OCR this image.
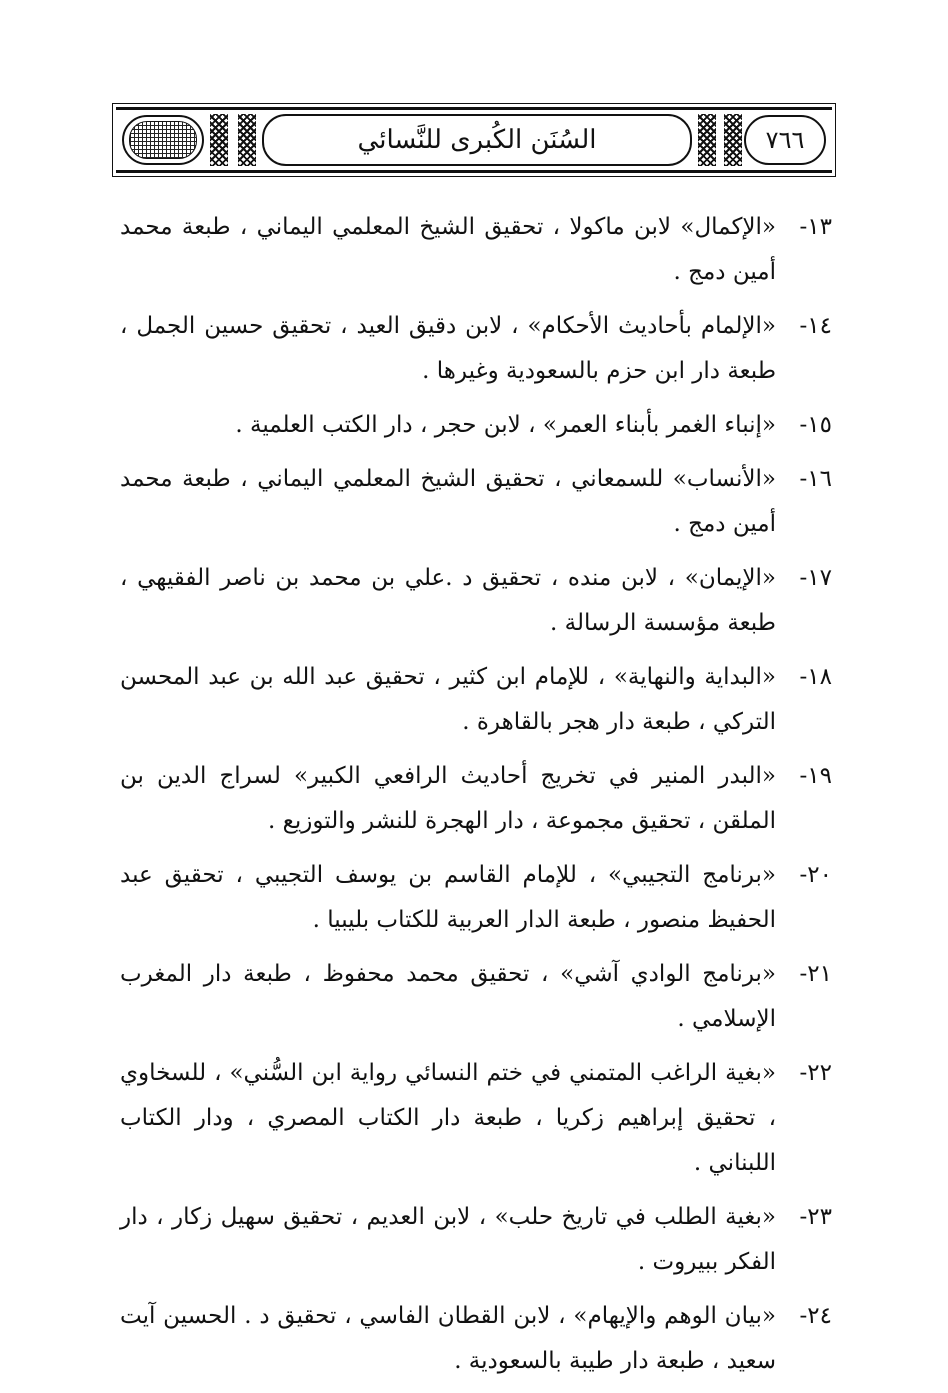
السُنَن الكُبرى للنَّسائي	٧٦٦
١٣-
«الإكمال» لابن ماكولا ، تحقيق الشيخ المعلمي اليماني ، طبعة محمد أمين دمج .
١٤-
«الإلمام بأحاديث الأحكام» ، لابن دقيق العيد ، تحقيق حسين الجمل ، طبعة دار ابن حزم بالسعودية وغيرها .
١٥-
«إنباء الغمر بأبناء العمر» ، لابن حجر ، دار الكتب العلمية .
١٦-
«الأنساب» للسمعاني ، تحقيق الشيخ المعلمي اليماني ، طبعة محمد أمين دمج .
١٧-
«الإيمان» ، لابن منده ، تحقيق د .علي بن محمد بن ناصر الفقيهي ، طبعة مؤسسة الرسالة .
١٨-
«البداية والنهاية» ، للإمام ابن كثير ، تحقيق عبد الله بن عبد المحسن التركي ، طبعة دار هجر بالقاهرة .
١٩-
«البدر المنير في تخريج أحاديث الرافعي الكبير» لسراج الدين بن الملقن ، تحقيق مجموعة ، دار الهجرة للنشر والتوزيع .
٢٠-
«برنامج التجيبي» ، للإمام القاسم بن يوسف التجيبي ، تحقيق عبد الحفيظ منصور ، طبعة الدار العربية للكتاب بليبيا .
٢١-
«برنامج الوادي آشي» ، تحقيق محمد محفوظ ، طبعة دار المغرب الإسلامي .
٢٢-
«بغية الراغب المتمني في ختم النسائي رواية ابن السُّني» ، للسخاوي ، تحقيق إبراهيم زكريا ، طبعة دار الكتاب المصري ، ودار الكتاب اللبناني .
٢٣-
«بغية الطلب في تاريخ حلب» ، لابن العديم ، تحقيق سهيل زكار ، دار الفكر ببيروت .
٢٤-
«بيان الوهم والإيهام» ، لابن القطان الفاسي ، تحقيق د . الحسين آيت سعيد ، طبعة دار طيبة بالسعودية .
